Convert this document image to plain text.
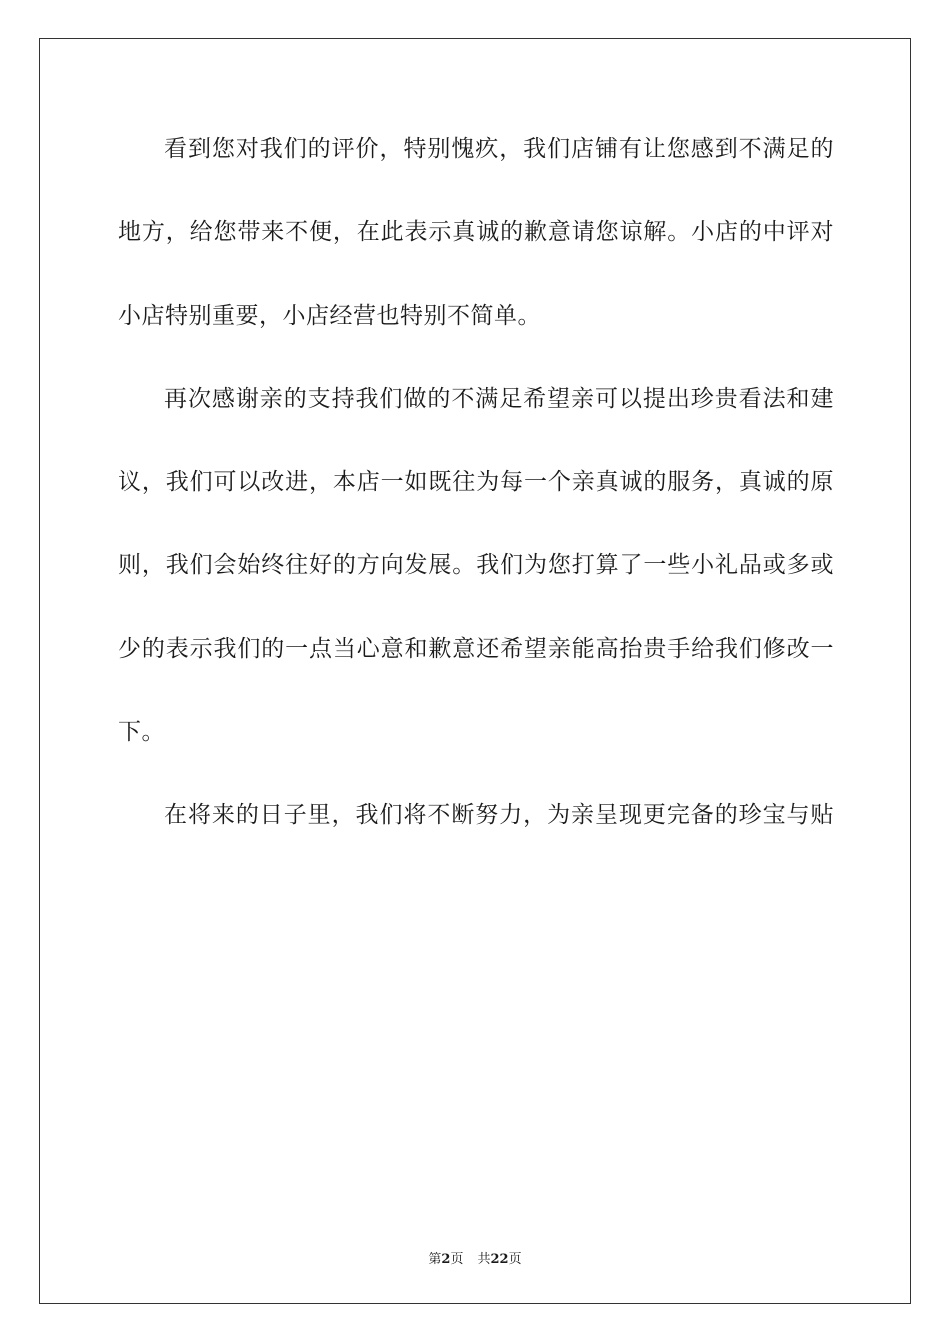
看到您对我们的评价，特别愧疚，我们店铺有让您感到不满足的
地方，给您带来不便，在此表示真诚的歉意请您谅解。小店的中评对
小店特别重要，小店经营也特别不简单。
再次感谢亲的支持我们做的不满足希望亲可以提出珍贵看法和建
议，我们可以改进，本店一如既往为每一个亲真诚的服务，真诚的原
则，我们会始终往好的方向发展。我们为您打算了一些小礼品或多或
少的表示我们的一点当心意和歉意还希望亲能高抬贵手给我们修改一
下。
在将来的日子里，我们将不断努力，为亲呈现更完备的珍宝与贴
第2页 共22页
